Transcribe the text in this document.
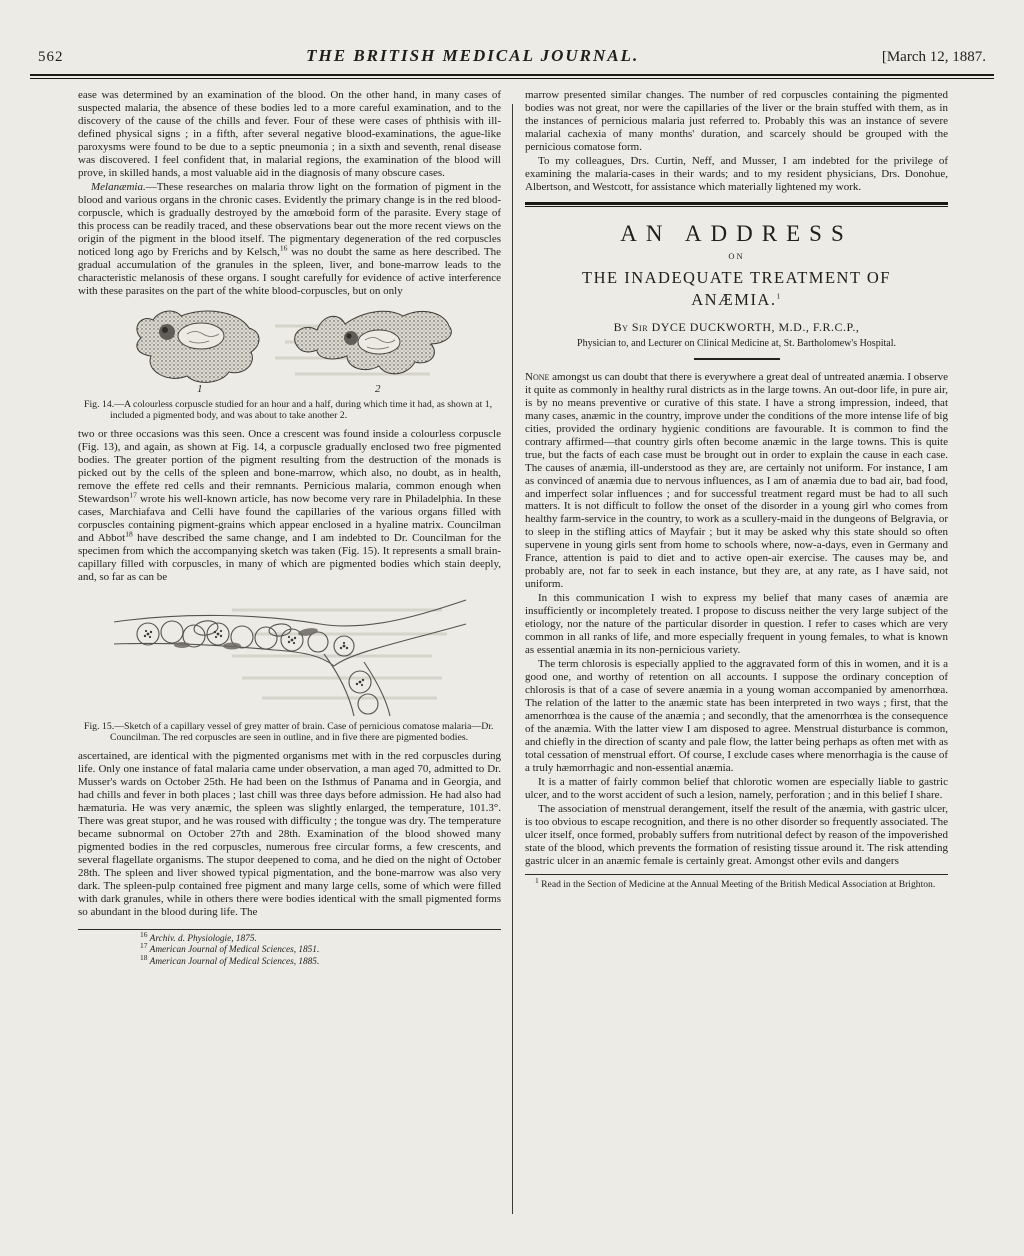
562	THE BRITISH MEDICAL JOURNAL.	[March 12, 1887.

ease was determined by an examination of the blood. On the other hand, in many cases of suspected malaria, the absence of these bodies led to a more careful examination, and to the discovery of the cause of the chills and fever. Four of these were cases of phthisis with ill-defined physical signs ; in a fifth, after several negative blood-examinations, the ague-like paroxysms were found to be due to a septic pneumonia ; in a sixth and seventh, renal disease was discovered. I feel confident that, in malarial regions, the examination of the blood will prove, in skilled hands, a most valuable aid in the diagnosis of many obscure cases.

Melanæmia.—These researches on malaria throw light on the formation of pigment in the blood and various organs in the chronic cases. Evidently the primary change is in the red blood-corpuscle, which is gradually destroyed by the amœboid form of the parasite. Every stage of this process can be readily traced, and these observations bear out the more recent views on the origin of the pigment in the blood itself. The pigmentary degeneration of the red corpuscles noticed long ago by Frerichs and by Kelsch,$^{16}$ was no doubt the same as here described. The gradual accumulation of the granules in the spleen, liver, and bone-marrow leads to the characteristic melanosis of these organs. I sought carefully for evidence of active interference with these parasites on the part of the white blood-corpuscles, but on only

1	2

Fig. 14.—A colourless corpuscle studied for an hour and a half, during which time it had, as shown at 1, included a pigmented body, and was about to take another 2.

two or three occasions was this seen. Once a crescent was found inside a colourless corpuscle (Fig. 13), and again, as shown at Fig. 14, a corpuscle gradually enclosed two free pigmented bodies. The greater portion of the pigment resulting from the destruction of the monads is picked out by the cells of the spleen and bone-marrow, which also, no doubt, as in health, remove the effete red cells and their remnants. Pernicious malaria, common enough when Stewardson$^{17}$ wrote his well-known article, has now become very rare in Philadelphia. In these cases, Marchiafava and Celli have found the capillaries of the various organs filled with corpuscles containing pigment-grains which appear enclosed in a hyaline matrix. Councilman and Abbot$^{18}$ have described the same change, and I am indebted to Dr. Councilman for the specimen from which the accompanying sketch was taken (Fig. 15). It represents a small brain-capillary filled with corpuscles, in many of which are pigmented bodies which stain deeply, and, so far as can be

Fig. 15.—Sketch of a capillary vessel of grey matter of brain. Case of pernicious comatose malaria—Dr. Councilman. The red corpuscles are seen in outline, and in five there are pigmented bodies.

ascertained, are identical with the pigmented organisms met with in the red corpuscles during life. Only one instance of fatal malaria came under observation, a man aged 70, admitted to Dr. Musser's wards on October 25th. He had been on the Isthmus of Panama and in Georgia, and had chills and fever in both places ; last chill was three days before admission. He had also had hæmaturia. He was very anæmic, the spleen was slightly enlarged, the temperature, 101.3°. There was great stupor, and he was roused with difficulty ; the tongue was dry. The temperature became subnormal on October 27th and 28th. Examination of the blood showed many pigmented bodies in the red corpuscles, numerous free circular forms, a few crescents, and several flagellate organisms. The stupor deepened to coma, and he died on the night of October 28th. The spleen and liver showed typical pigmentation, and the bone-marrow was also very dark. The spleen-pulp contained free pigment and many large cells, some of which were filled with dark granules, while in others there were bodies identical with the small pigmented forms so abundant in the blood during life. The

$^{16}$ Archiv. d. Physiologie, 1875.

$^{17}$ American Journal of Medical Sciences, 1851.

$^{18}$ American Journal of Medical Sciences, 1885.

marrow presented similar changes. The number of red corpuscles containing the pigmented bodies was not great, nor were the capillaries of the liver or the brain stuffed with them, as in the instances of pernicious malaria just referred to. Probably this was an instance of severe malarial cachexia of many months' duration, and scarcely should be grouped with the pernicious comatose form.

To my colleagues, Drs. Curtin, Neff, and Musser, I am indebted for the privilege of examining the malaria-cases in their wards; and to my resident physicians, Drs. Donohue, Albertson, and Westcott, for assistance which materially lightened my work.

AN ADDRESS
ON
THE INADEQUATE TREATMENT OF
ANÆMIA.$^1$
By Sir DYCE DUCKWORTH, M.D., F.R.C.P.,
Physician to, and Lecturer on Clinical Medicine at, St. Bartholomew's Hospital.

None amongst us can doubt that there is everywhere a great deal of untreated anæmia. I observe it quite as commonly in healthy rural districts as in the large towns. An out-door life, in pure air, is by no means preventive or curative of this state. I have a strong impression, indeed, that many cases, anæmic in the country, improve under the conditions of the more intense life of big cities, provided the ordinary hygienic conditions are favourable. It is common to find the contrary affirmed—that country girls often become anæmic in the large towns. This is quite true, but the facts of each case must be brought out in order to explain the cause in each case. The causes of anæmia, ill-understood as they are, are certainly not uniform. For instance, I am as convinced of anæmia due to nervous influences, as I am of anæmia due to bad air, bad food, and imperfect solar influences ; and for successful treatment regard must be had to all such matters. It is not difficult to follow the onset of the disorder in a young girl who comes from healthy farm-service in the country, to work as a scullery-maid in the dungeons of Belgravia, or to sleep in the stifling attics of Mayfair ; but it may be asked why this state should so often supervene in young girls sent from home to schools where, now-a-days, even in Germany and France, attention is paid to diet and to active open-air exercise. The causes may be, and probably are, not far to seek in each instance, but they are, at any rate, as I have said, not uniform.

In this communication I wish to express my belief that many cases of anæmia are insufficiently or incompletely treated. I propose to discuss neither the very large subject of the etiology, nor the nature of the particular disorder in question. I refer to cases which are very common in all ranks of life, and more especially frequent in young females, to what is known as essential anæmia in its non-pernicious variety.

The term chlorosis is especially applied to the aggravated form of this in women, and it is a good one, and worthy of retention on all accounts. I suppose the ordinary conception of chlorosis is that of a case of severe anæmia in a young woman accompanied by amenorrhœa. The relation of the latter to the anæmic state has been interpreted in two ways ; first, that the amenorrhœa is the cause of the anæmia ; and secondly, that the amenorrhœa is the consequence of the anæmia. With the latter view I am disposed to agree. Menstrual disturbance is common, and chiefly in the direction of scanty and pale flow, the latter being perhaps as often met with as total cessation of menstrual effort. Of course, I exclude cases where menorrhagia is the cause of a truly hæmorrhagic and non-essential anæmia.

It is a matter of fairly common belief that chlorotic women are especially liable to gastric ulcer, and to the worst accident of such a lesion, namely, perforation ; and in this belief I share.

The association of menstrual derangement, itself the result of the anæmia, with gastric ulcer, is too obvious to escape recognition, and there is no other disorder so frequently associated. The ulcer itself, once formed, probably suffers from nutritional defect by reason of the impoverished state of the blood, which prevents the formation of resisting tissue around it. The risk attending gastric ulcer in an anæmic female is certainly great. Amongst other evils and dangers

$^1$ Read in the Section of Medicine at the Annual Meeting of the British Medical Association at Brighton.
